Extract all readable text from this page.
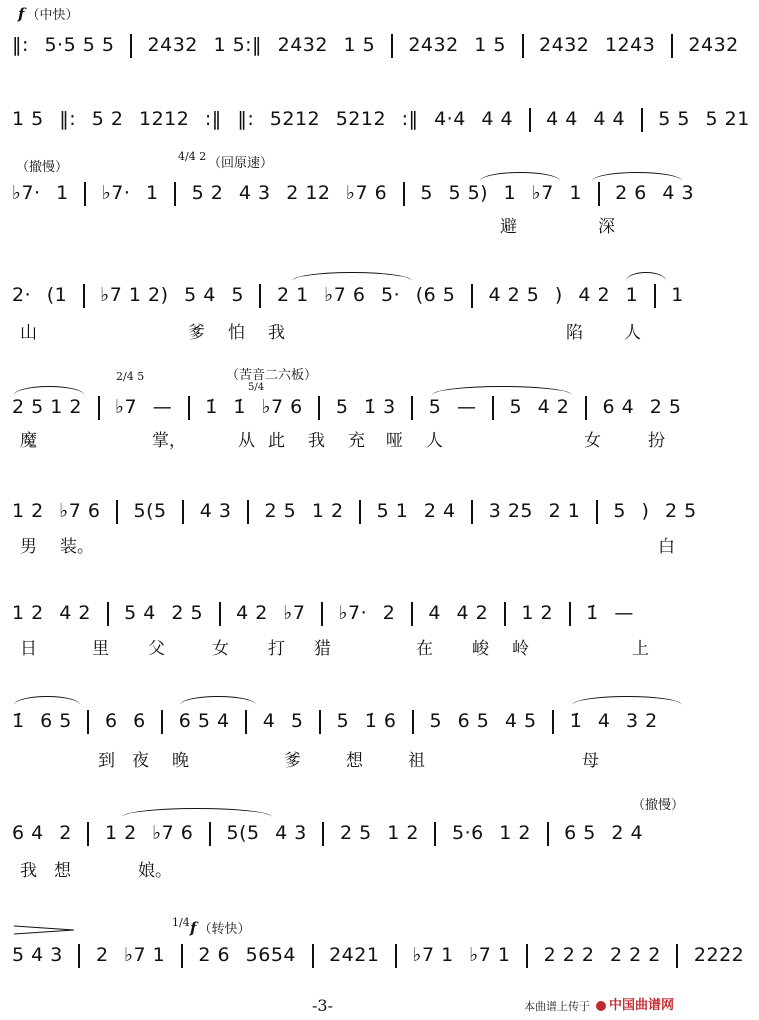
f （中快）
‖: 5·5 5 5 2432 1 5:‖ 2432 1 5 2432 1 5 2432 1243 2432
1 5 ‖: 5 2 1212 :‖ ‖: 5212 5212 :‖ 4·4 4 4 4 4 4 4 5 5 5 21
（撤慢）
4/4 2 （回原速）
♭7· 1 ♭7· 1 5 2 4 3 2 12 ♭7 6 5 5 5) 1 ♭7 1 2 6 4 3
避	深
2· (1 ♭7 1 2) 5 4 5 2 1 ♭7 6 5· (6 5 4 2 5 ) 4 2 1 1
山	爹 怕 我	陷 人
2/4 5	（苦音二六板）
5/4
2 5 1 2 ♭7 — 1̇ 1̇ ♭7 6 5 1̇ 3 5 — 5 4 2 6 4 2 5
魔	掌，	从 此 我 充 哑 人	女	扮
1 2 ♭7 6 5(5 4 3 2 5 1 2 5 1 2 4 3 25 2 1 5 ) 2 5
男 装。	白
1 2 4 2 5 4 2 5 4 2 ♭7 ♭7· 2 4 4 2 1 2 1̇ —
日	里 父	女 打 猎	在 峻 岭	上
1̇ 6 5 6 6 6 5 4 4 5 5 1̇ 6 5 6 5 4 5 1̇ 4 3 2
到 夜 晚	爹	想	祖	母
（撤慢）
6 4 2 1 2 ♭7 6 5(5 4 3 2 5 1 2 5·6 1 2 6 5 2 4
我 想	娘。
1/4 f （转快）
5 4 3 2 ♭7 1 2 6 5654 2421 ♭7 1 ♭7 1 2 2 2 2 2 2 2222
-3-	本曲谱上传于	中国曲谱网
